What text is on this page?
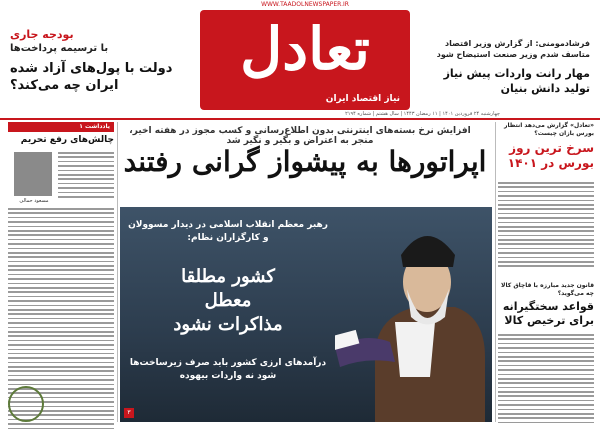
WWW.TAADOLNEWSPAPER.IR
تعادل
نیاز اقتصاد ایران
بودجه جاری
با ترسیمه پرداخت‌ها
دولت با پول‌های آزاد شده ایران چه می‌کند؟
فرشادمومنی: از گزارش وزیر اقتصاد متاسف شدم وزیر صنعت استیضاح شود
مهار رانت واردات پیش نیاز تولید دانش بنیان
چهارشنبه ۲۴ فروردین ۱۴۰۱ | ۱۱ رمضان ۱۴۴۳ | سال هشتم | شماره ۲۱۹۴
افزایش نرخ بسته‌های اینترنتی بدون اطلاع‌رسانی و کسب مجوز در هفته اخیر، منجر به اعتراض و بگیر و نگیر شد
اپراتورها به پیشواز گرانی رفتند
رهبر معظم انقلاب اسلامی در دیدار مسوولان و کارگزاران نظام:
کشور مطلقا
معطل
مذاکرات نشود
درآمدهای ارزی کشور باید صرف زیرساخت‌ها شود نه واردات بیهوده
۳
یادداشت ۱
چالش‌های رفع تحریم
مسعود حمالی
«تعادل» گزارش می‌دهد انتظار بورس‌ بازان چیست؟
سرخ ترین روز بورس در ۱۴۰۱
قانون جدید مبارزه با قاچاق کالا چه می‌گوید؟
قواعد سختگیرانه برای ترخیص کالا
